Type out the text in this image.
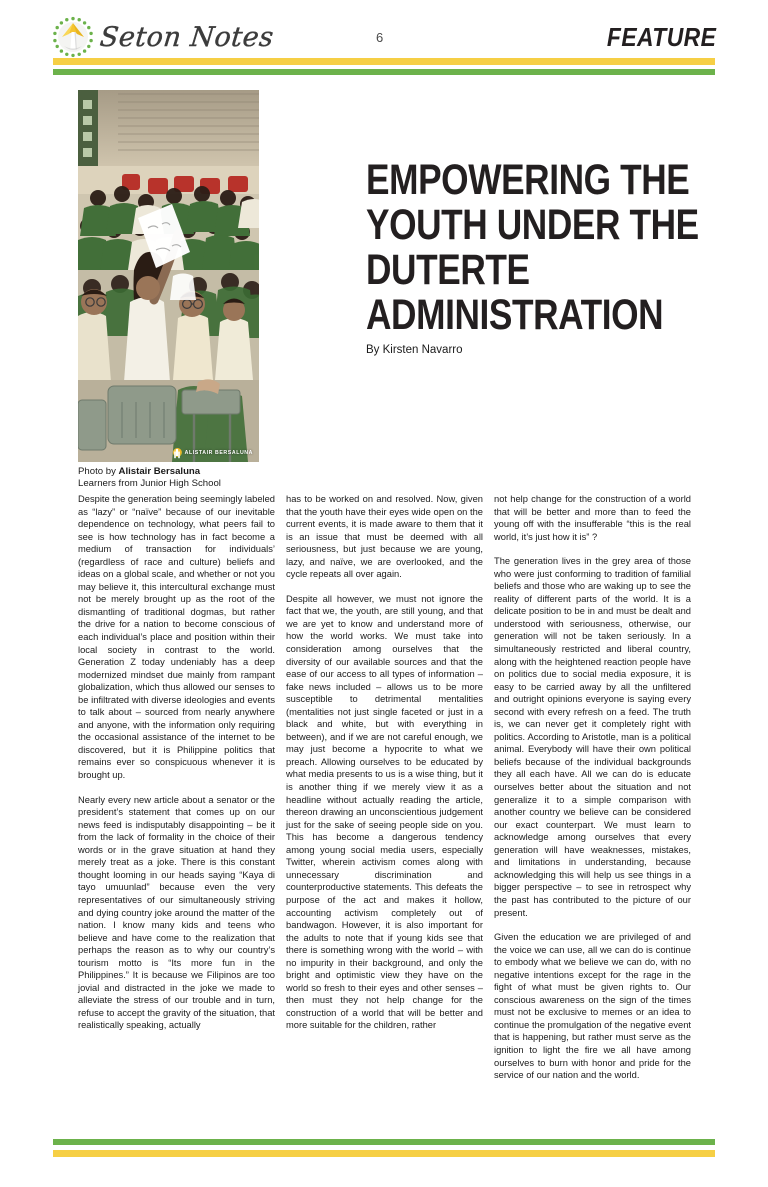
Seton Notes	6	FEATURE
ALISTAIR BERSALUNA
Photo by Alistair Bersaluna
Learners from Junior High School
EMPOWERING THE YOUTH UNDER THE DUTERTE ADMINISTRATION
By Kirsten Navarro

Despite the generation being seemingly labeled as “lazy” or “naïve” because of our inevitable dependence on technology, what peers fail to see is how technology has in fact become a medium of transaction for individuals’ (regardless of race and culture) beliefs and ideas on a global scale, and whether or not you may believe it, this intercultural exchange must not be merely brought up as the root of the dismantling of traditional dogmas, but rather the drive for a nation to become conscious of each individual’s place and position within their local society in contrast to the world. Generation Z today undeniably has a deep modernized mindset due mainly from rampant globalization, which thus allowed our senses to be infiltrated with diverse ideologies and events to talk about – sourced from nearly anywhere and anyone, with the information only requiring the occasional assistance of the internet to be discovered, but it is Philippine politics that remains ever so conspicuous whenever it is brought up.

Nearly every new article about a senator or the president’s statement that comes up on our news feed is indisputably disappointing – be it from the lack of formality in the choice of their words or in the grave situation at hand they merely treat as a joke. There is this constant thought looming in our heads saying “Kaya di tayo umuunlad” because even the very representatives of our simultaneously striving and dying country joke around the matter of the nation. I know many kids and teens who believe and have come to the realization that perhaps the reason as to why our country’s tourism motto is “Its more fun in the Philippines.” It is because we Filipinos are too jovial and distracted in the joke we made to alleviate the stress of our trouble and in turn, refuse to accept the gravity of the situation, that realistically speaking, actually

has to be worked on and resolved. Now, given that the youth have their eyes wide open on the current events, it is made aware to them that it is an issue that must be deemed with all seriousness, but just because we are young, lazy, and naïve, we are overlooked, and the cycle repeats all over again.

Despite all however, we must not ignore the fact that we, the youth, are still young, and that we are yet to know and understand more of how the world works. We must take into consideration among ourselves that the diversity of our available sources and that the ease of our access to all types of information – fake news included – allows us to be more susceptible to detrimental mentalities (mentalities not just single faceted or just in a black and white, but with everything in between), and if we are not careful enough, we may just become a hypocrite to what we preach. Allowing ourselves to be educated by what media presents to us is a wise thing, but it is another thing if we merely view it as a headline without actually reading the article, thereon drawing an unconscientious judgement just for the sake of seeing people side on you. This has become a dangerous tendency among young social media users, especially Twitter, wherein activism comes along with unnecessary discrimination and counterproductive statements. This defeats the purpose of the act and makes it hollow, accounting activism completely out of bandwagon. However, it is also important for the adults to note that if young kids see that there is something wrong with the world – with no impurity in their background, and only the bright and optimistic view they have on the world so fresh to their eyes and other senses – then must they not help change for the construction of a world that will be better and more suitable for the children, rather

not help change for the construction of a world that will be better and more than to feed the young off with the insufferable “this is the real world, it’s just how it is” ?

The generation lives in the grey area of those who were just conforming to tradition of familial beliefs and those who are waking up to see the reality of different parts of the world. It is a delicate position to be in and must be dealt and understood with seriousness, otherwise, our generation will not be taken seriously. In a simultaneously restricted and liberal country, along with the heightened reaction people have on politics due to social media exposure, it is easy to be carried away by all the unfiltered and outright opinions everyone is saying every second with every refresh on a feed. The truth is, we can never get it completely right with politics. According to Aristotle, man is a political animal. Everybody will have their own political beliefs because of the individual backgrounds they all each have. All we can do is educate ourselves better about the situation and not generalize it to a simple comparison with another country we believe can be considered our exact counterpart. We must learn to acknowledge among ourselves that every generation will have weaknesses, mistakes, and limitations in understanding, because acknowledging this will help us see things in a bigger perspective – to see in retrospect why the past has contributed to the picture of our present.

Given the education we are privileged of and the voice we can use, all we can do is continue to embody what we believe we can do, with no negative intentions except for the rage in the fight of what must be given rights to. Our conscious awareness on the sign of the times must not be exclusive to memes or an idea to continue the promulgation of the negative event that is happening, but rather must serve as the ignition to light the fire we all have among ourselves to burn with honor and pride for the service of our nation and the world.
